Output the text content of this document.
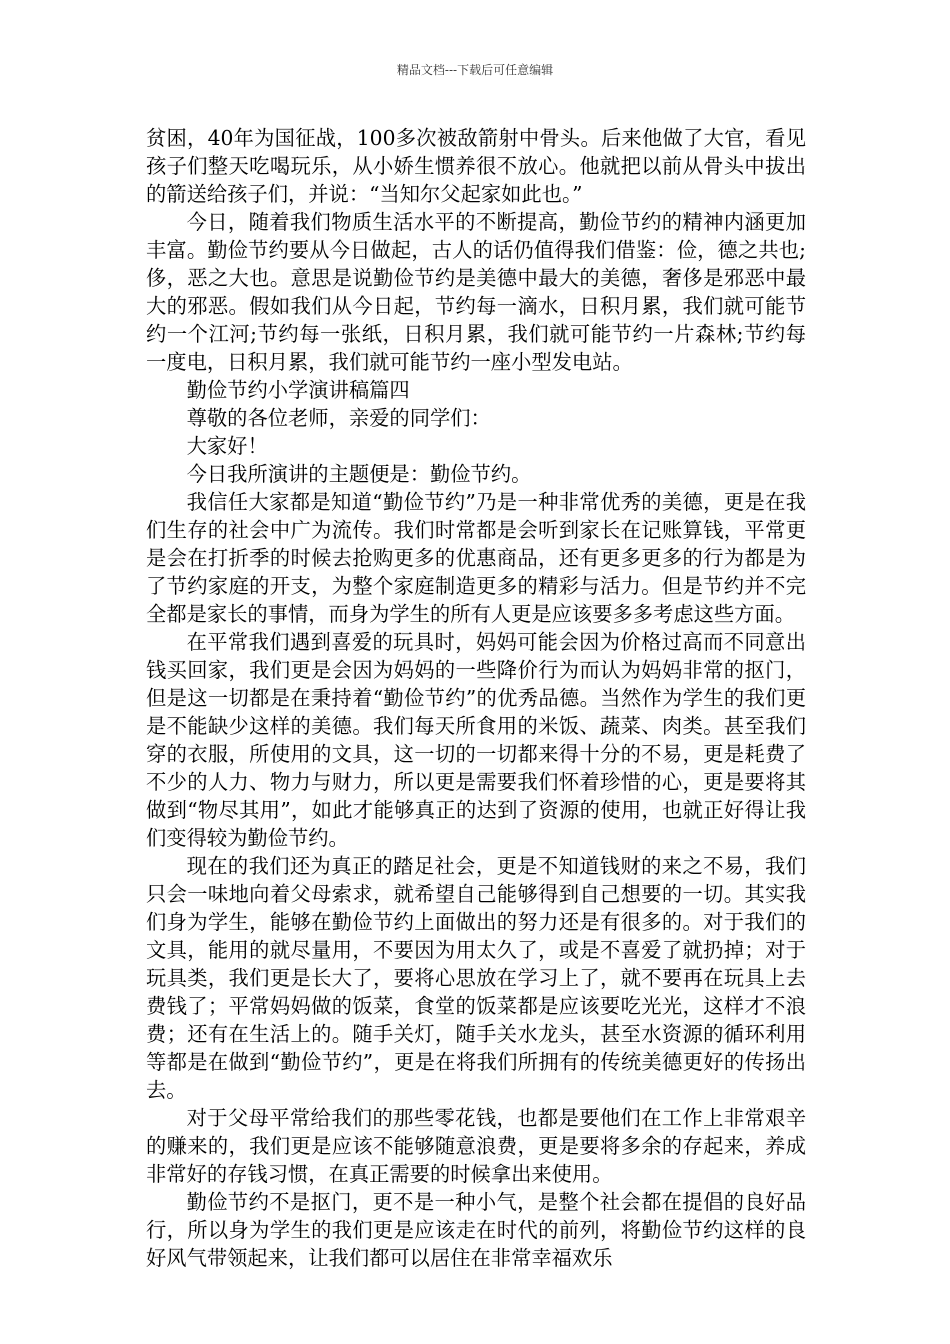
精品文档---下载后可任意编辑

贫困，40年为国征战，100多次被敌箭射中骨头。后来他做了大官，看见孩子们整天吃喝玩乐，从小娇生惯养很不放心。他就把以前从骨头中拔出的箭送给孩子们，并说：“当知尔父起家如此也。”

今日，随着我们物质生活水平的不断提高，勤俭节约的精神内涵更加丰富。勤俭节约要从今日做起，古人的话仍值得我们借鉴：俭，德之共也;侈，恶之大也。意思是说勤俭节约是美德中最大的美德，奢侈是邪恶中最大的邪恶。假如我们从今日起，节约每一滴水，日积月累，我们就可能节约一个江河;节约每一张纸，日积月累，我们就可能节约一片森林;节约每一度电，日积月累，我们就可能节约一座小型发电站。

勤俭节约小学演讲稿篇四

尊敬的各位老师，亲爱的同学们：

大家好！

今日我所演讲的主题便是：勤俭节约。

我信任大家都是知道“勤俭节约”乃是一种非常优秀的美德，更是在我们生存的社会中广为流传。我们时常都是会听到家长在记账算钱，平常更是会在打折季的时候去抢购更多的优惠商品，还有更多更多的行为都是为了节约家庭的开支，为整个家庭制造更多的精彩与活力。但是节约并不完全都是家长的事情，而身为学生的所有人更是应该要多多考虑这些方面。

在平常我们遇到喜爱的玩具时，妈妈可能会因为价格过高而不同意出钱买回家，我们更是会因为妈妈的一些降价行为而认为妈妈非常的抠门，但是这一切都是在秉持着“勤俭节约”的优秀品德。当然作为学生的我们更是不能缺少这样的美德。我们每天所食用的米饭、蔬菜、肉类。甚至我们穿的衣服，所使用的文具，这一切的一切都来得十分的不易，更是耗费了不少的人力、物力与财力，所以更是需要我们怀着珍惜的心，更是要将其做到“物尽其用”，如此才能够真正的达到了资源的使用，也就正好得让我们变得较为勤俭节约。

现在的我们还为真正的踏足社会，更是不知道钱财的来之不易，我们只会一味地向着父母索求，就希望自己能够得到自己想要的一切。其实我们身为学生，能够在勤俭节约上面做出的努力还是有很多的。对于我们的文具，能用的就尽量用，不要因为用太久了，或是不喜爱了就扔掉；对于玩具类，我们更是长大了，要将心思放在学习上了，就不要再在玩具上去费钱了；平常妈妈做的饭菜，食堂的饭菜都是应该要吃光光，这样才不浪费；还有在生活上的。随手关灯，随手关水龙头，甚至水资源的循环利用等都是在做到“勤俭节约”，更是在将我们所拥有的传统美德更好的传扬出去。

对于父母平常给我们的那些零花钱，也都是要他们在工作上非常艰辛的赚来的，我们更是应该不能够随意浪费，更是要将多余的存起来，养成非常好的存钱习惯，在真正需要的时候拿出来使用。

勤俭节约不是抠门，更不是一种小气，是整个社会都在提倡的良好品行，所以身为学生的我们更是应该走在时代的前列，将勤俭节约这样的良好风气带领起来，让我们都可以居住在非常幸福欢乐
